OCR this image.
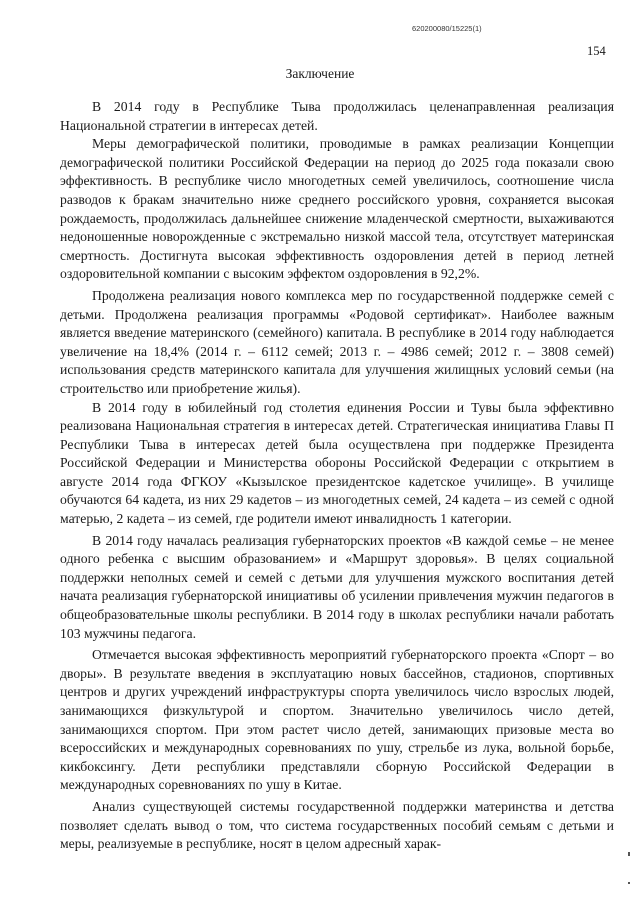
620200080/15225(1)
154
Заключение

В 2014 году в Республике Тыва продолжилась целенаправленная реализация Национальной стратегии в интересах детей.

Меры демографической политики, проводимые в рамках реализации Концепции демографической политики Российской Федерации на период до 2025 года показали свою эффективность. В республике число многодетных семей увеличилось, соотношение числа разводов к бракам значительно ниже среднего российского уровня, сохраняется высокая рождаемость, продолжилась дальнейшее снижение младенческой смертности, выхаживаются недоношенные новорожденные с экстремально низкой массой тела, отсутствует материнская смертность. Достигнута высокая эффективность оздоровления детей в период летней оздоровительной компании с высоким эффектом оздоровления в 92,2%.

Продолжена реализация нового комплекса мер по государственной поддержке семей с детьми. Продолжена реализация программы «Родовой сертификат». Наиболее важным является введение материнского (семейного) капитала. В республике в 2014 году наблюдается увеличение на 18,4% (2014 г. – 6112 семей; 2013 г. – 4986 семей; 2012 г. – 3808 семей) использования средств материнского капитала для улучшения жилищных условий семьи (на строительство или приобретение жилья).

В 2014 году в юбилейный год столетия единения России и Тувы была эффективно реализована Национальная стратегия в интересах детей. Стратегическая инициатива Главы П Республики Тыва в интересах детей была осуществлена при поддержке Президента Российской Федерации и Министерства обороны Российской Федерации с открытием в августе 2014 года ФГКОУ «Кызылское президентское кадетское училище». В училище обучаются 64 кадета, из них 29 кадетов – из многодетных семей, 24 кадета – из семей с одной матерью, 2 кадета – из семей, где родители имеют инвалидность 1 категории.

В 2014 году началась реализация губернаторских проектов «В каждой семье – не менее одного ребенка с высшим образованием» и «Маршрут здоровья». В целях социальной поддержки неполных семей и семей с детьми для улучшения мужского воспитания детей начата реализация губернаторской инициативы об усилении привлечения мужчин педагогов в общеобразовательные школы республики. В 2014 году в школах республики начали работать 103 мужчины педагога.

Отмечается высокая эффективность мероприятий губернаторского проекта «Спорт – во дворы». В результате введения в эксплуатацию новых бассейнов, стадионов, спортивных центров и других учреждений инфраструктуры спорта увеличилось число взрослых людей, занимающихся физкультурой и спортом. Значительно увеличилось число детей, занимающихся спортом. При этом растет число детей, занимающих призовые места во всероссийских и международных соревнованиях по ушу, стрельбе из лука, вольной борьбе, кикбоксингу. Дети республики представляли сборную Российской Федерации в международных соревнованиях по ушу в Китае.

Анализ существующей системы государственной поддержки материнства и детства позволяет сделать вывод о том, что система государственных пособий семьям с детьми и меры, реализуемые в республике, носят в целом адресный харак-
